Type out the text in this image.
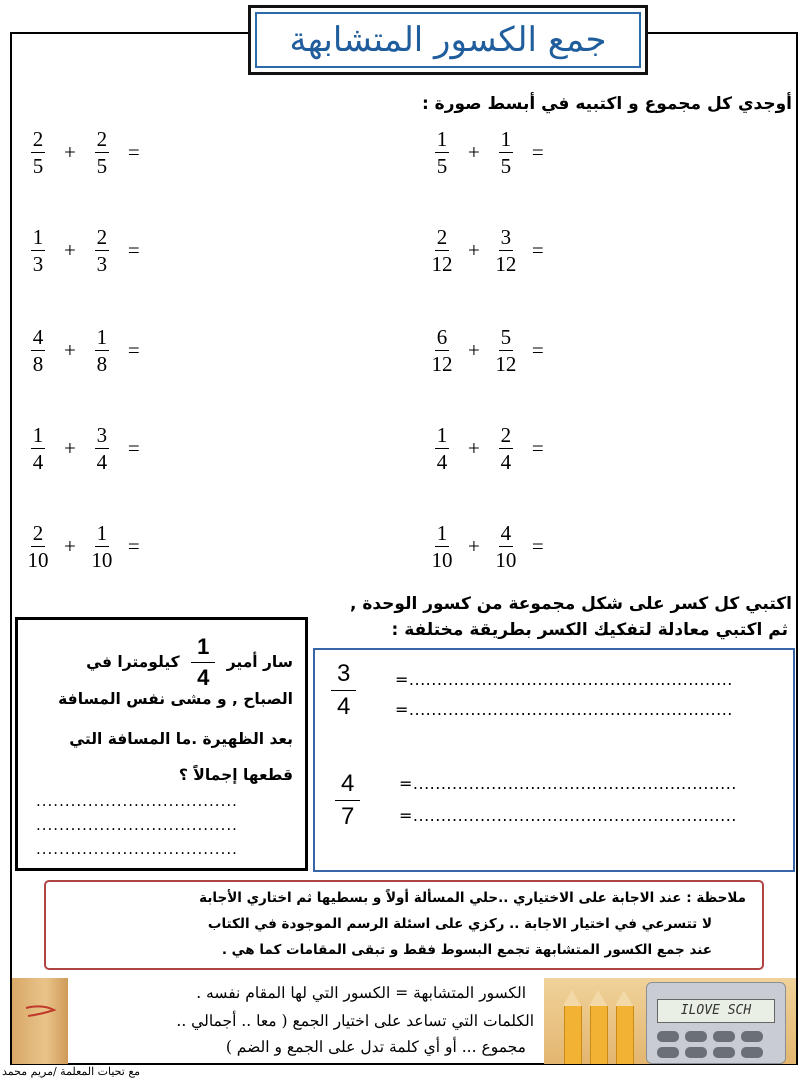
جمع الكسور المتشابهة
أوجدي كل مجموع و اكتبيه في أبسط صورة :
$\frac{2}{5} + \frac{2}{5}$ =	$\frac{1}{5} + \frac{1}{5}$ =
$\frac{1}{3} + \frac{2}{3}$ =	$\frac{2}{12} + \frac{3}{12}$ =
$\frac{4}{8} + \frac{1}{8}$ =	$\frac{6}{12} + \frac{5}{12}$ =
$\frac{1}{4} + \frac{3}{4}$ =	$\frac{1}{4} + \frac{2}{4}$ =
$\frac{2}{10} + \frac{1}{10}$ =	$\frac{1}{10} + \frac{4}{10}$ =
اكتبي كل كسر على شكل مجموعة من كسور الوحدة ,
ثم اكتبي معادلة لتفكيك الكسر بطريقة مختلفة :
سار أمير
$\frac{1}{4}$
كيلومترا في
الصباح , و مشى نفس المسافة
بعد الظهيرة .ما المسافة التي
قطعها إجمالاً ؟
...................................
...................................
...................................
3
4
=..........................................................
=..........................................................
4
7
=..........................................................
=..........................................................
ملاحظة : عند الاجابة على الاختياري ..حلي المسألة أولاً و بسطيها ثم اختاري الأجابة
لا تتسرعي في اختيار الاجابة .. ركزي على اسئلة الرسم الموجودة في الكتاب
عند جمع الكسور المتشابهة تجمع البسوط فقط و تبقى المقامات كما هي .
ILOVE SCH
الكسور المتشابهة = الكسور التي لها المقام نفسه .
الكلمات التي تساعد على اختيار الجمع ( معا .. أجمالي ..
مجموع ... أو أي كلمة تدل على الجمع و الضم )
مع تحيات المعلمة /مريم محمد
